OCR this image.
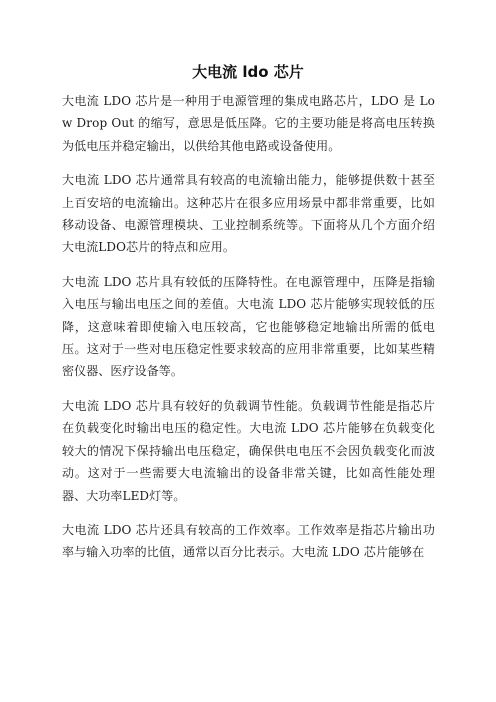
大电流 ldo 芯片

大电流 LDO 芯片是一种用于电源管理的集成电路芯片，LDO 是 Low Drop Out 的缩写，意思是低压降。它的主要功能是将高电压转换为低电压并稳定输出，以供给其他电路或设备使用。

大电流 LDO 芯片通常具有较高的电流输出能力，能够提供数十甚至上百安培的电流输出。这种芯片在很多应用场景中都非常重要，比如移动设备、电源管理模块、工业控制系统等。下面将从几个方面介绍大电流LDO芯片的特点和应用。

大电流 LDO 芯片具有较低的压降特性。在电源管理中，压降是指输入电压与输出电压之间的差值。大电流 LDO 芯片能够实现较低的压降，这意味着即使输入电压较高，它也能够稳定地输出所需的低电压。这对于一些对电压稳定性要求较高的应用非常重要，比如某些精密仪器、医疗设备等。

大电流 LDO 芯片具有较好的负载调节性能。负载调节性能是指芯片在负载变化时输出电压的稳定性。大电流 LDO 芯片能够在负载变化较大的情况下保持输出电压稳定，确保供电电压不会因负载变化而波动。这对于一些需要大电流输出的设备非常关键，比如高性能处理器、大功率LED灯等。

大电流 LDO 芯片还具有较高的工作效率。工作效率是指芯片输出功率与输入功率的比值，通常以百分比表示。大电流 LDO 芯片能够在
